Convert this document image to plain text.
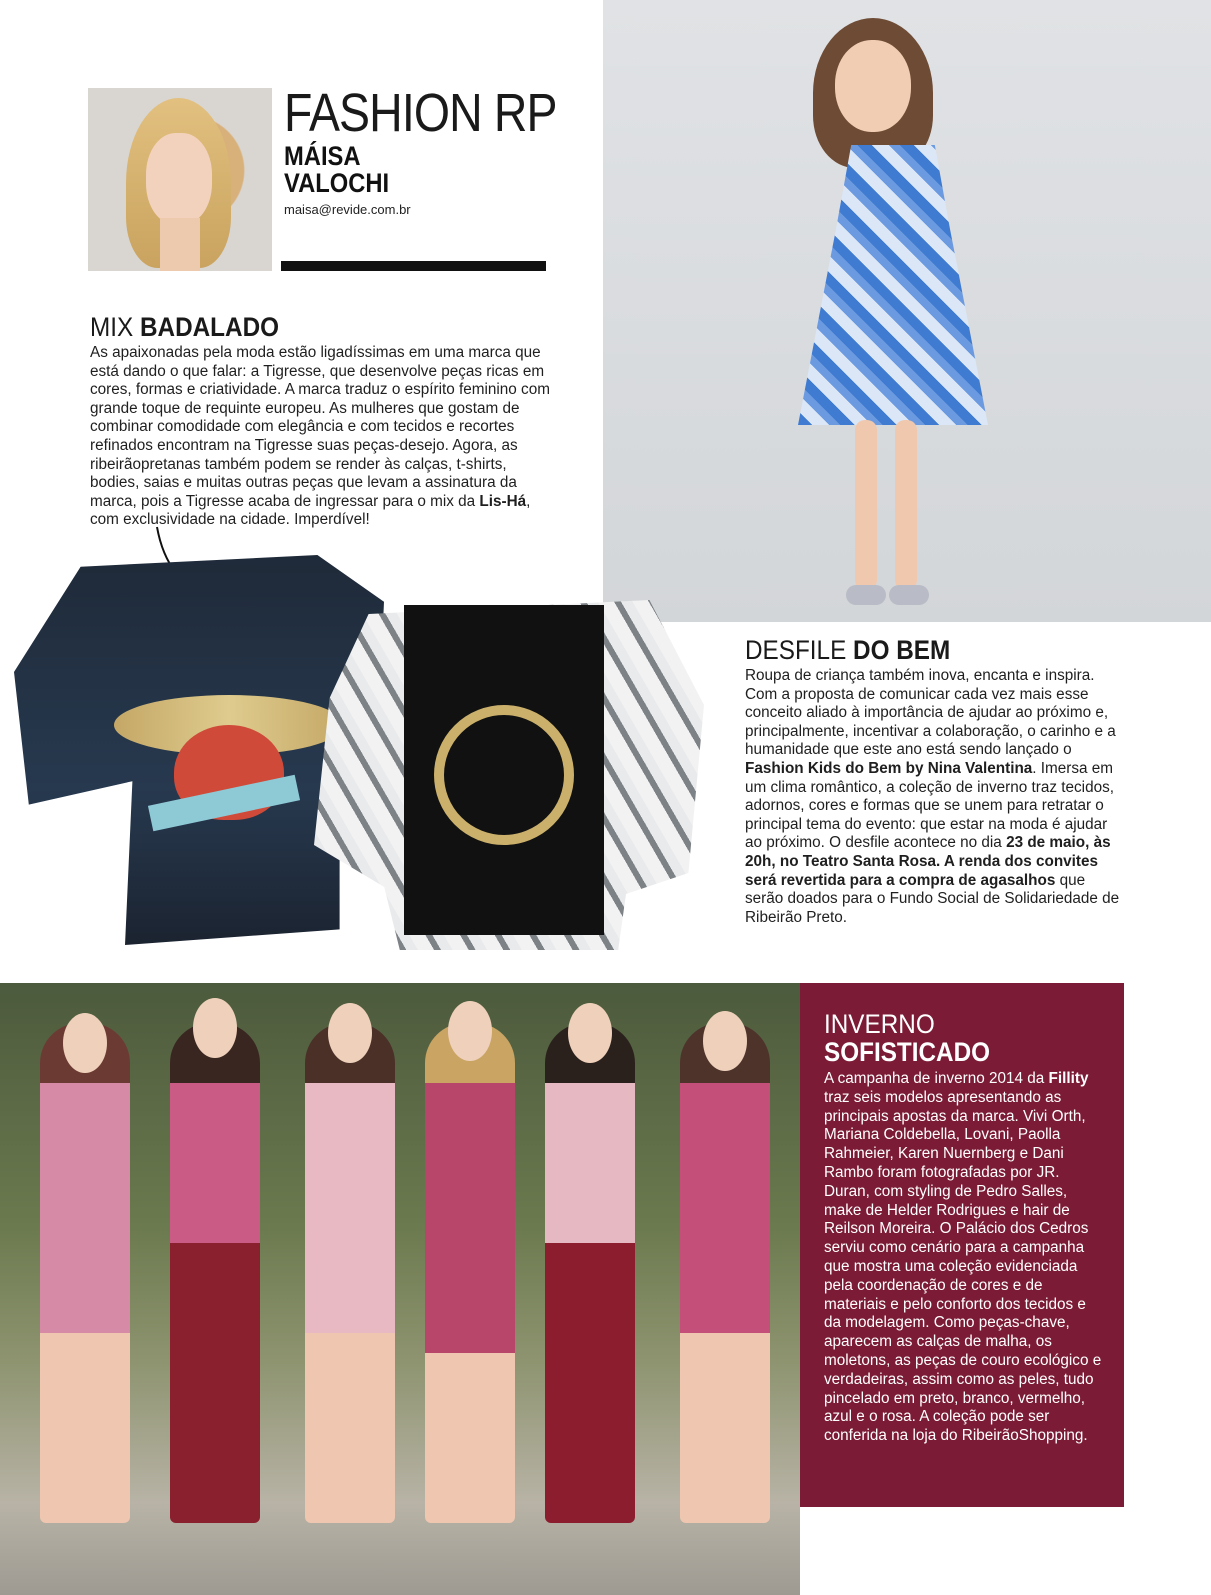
FASHION RP
MÁISA
VALOCHI
maisa@revide.com.br
MIX BADALADO
As apaixonadas pela moda estão ligadíssimas em uma marca que está dando o que falar: a Tigresse, que desenvolve peças ricas em cores, formas e criatividade. A marca traduz o espírito feminino com grande toque de requinte europeu. As mulheres que gostam de combinar comodidade com elegância e com tecidos e recortes refinados encontram na Tigresse suas peças-desejo. Agora, as ribeirãopretanas também podem se render às calças, t-shirts, bodies, saias e muitas outras peças que levam a assinatura da marca, pois a Tigresse acaba de ingressar para o mix da Lis-Há, com exclusividade na cidade. Imperdível!
DESFILE DO BEM
Roupa de criança também inova, encanta e inspira. Com a proposta de comunicar cada vez mais esse conceito aliado à importância de ajudar ao próximo e, principalmente, incentivar a colaboração, o carinho e a humanidade que este ano está sendo lançado o Fashion Kids do Bem by Nina Valentina. Imersa em um clima romântico, a coleção de inverno traz tecidos, adornos, cores e formas que se unem para retratar o principal tema do evento: que estar na moda é ajudar ao próximo. O desfile acontece no dia 23 de maio, às 20h, no Teatro Santa Rosa. A renda dos convites será revertida para a compra de agasalhos que serão doados para o Fundo Social de Solidariedade de Ribeirão Preto.
INVERNO
SOFISTICADO
A campanha de inverno 2014 da Fillity traz seis modelos apresentando as principais apostas da marca. Vivi Orth, Mariana Coldebella, Lovani, Paolla Rahmeier, Karen Nuernberg e Dani Rambo foram fotografadas por JR. Duran, com styling de Pedro Salles, make de Helder Rodrigues e hair de Reilson Moreira. O Palácio dos Cedros serviu como cenário para a campanha que mostra uma coleção evidenciada pela coordenação de cores e de materiais e pelo conforto dos tecidos e da modelagem. Como peças-chave, aparecem as calças de malha, os moletons, as peças de couro ecológico e verdadeiras, assim como as peles, tudo pincelado em preto, branco, vermelho, azul e o rosa. A coleção pode ser conferida na loja do RibeirãoShopping.
